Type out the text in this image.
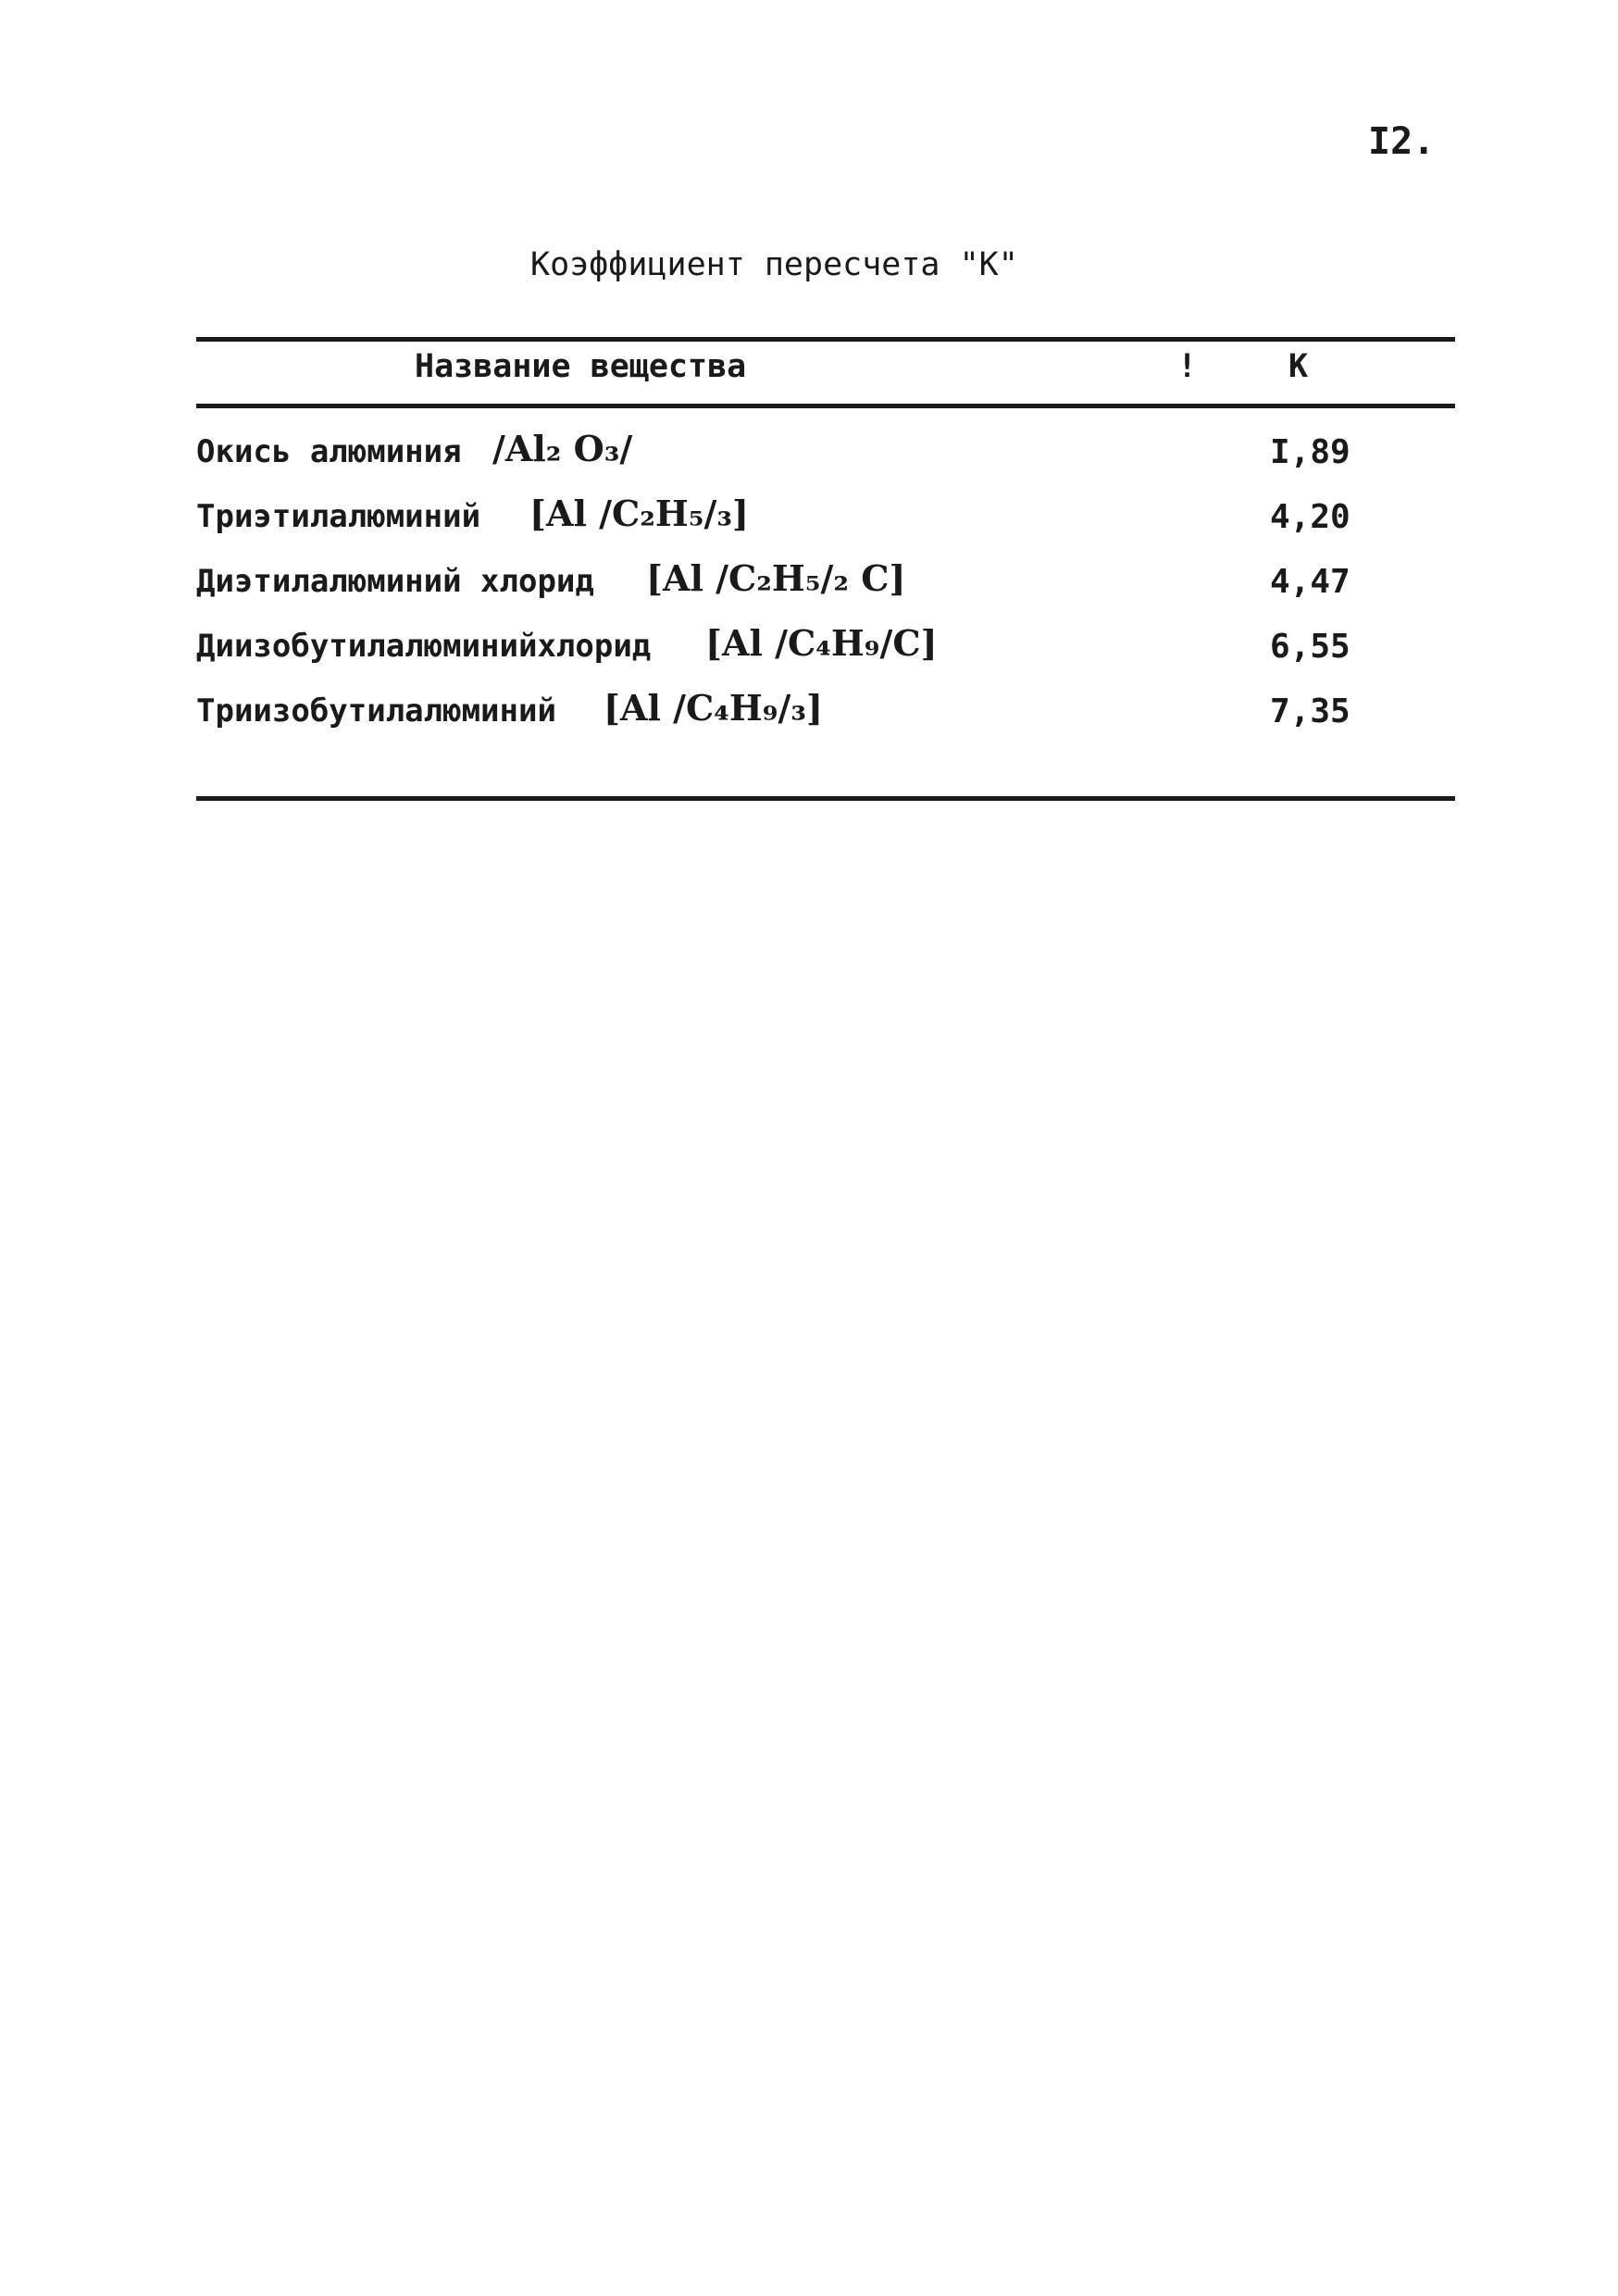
I2.
Коэффициент пересчета "К"
Название вещества	!	К
Окись алюминия /Al₂ O₃/	I,89
Триэтилалюминий [Al /C₂H₅/₃]	4,20
Диэтилалюминий хлорид [Al /C₂H₅/₂ C]	4,47
Диизобутилалюминийхлорид [Al /C₄H₉/C]	6,55
Триизобутилалюминий [Al /C₄H₉/₃]	7,35
